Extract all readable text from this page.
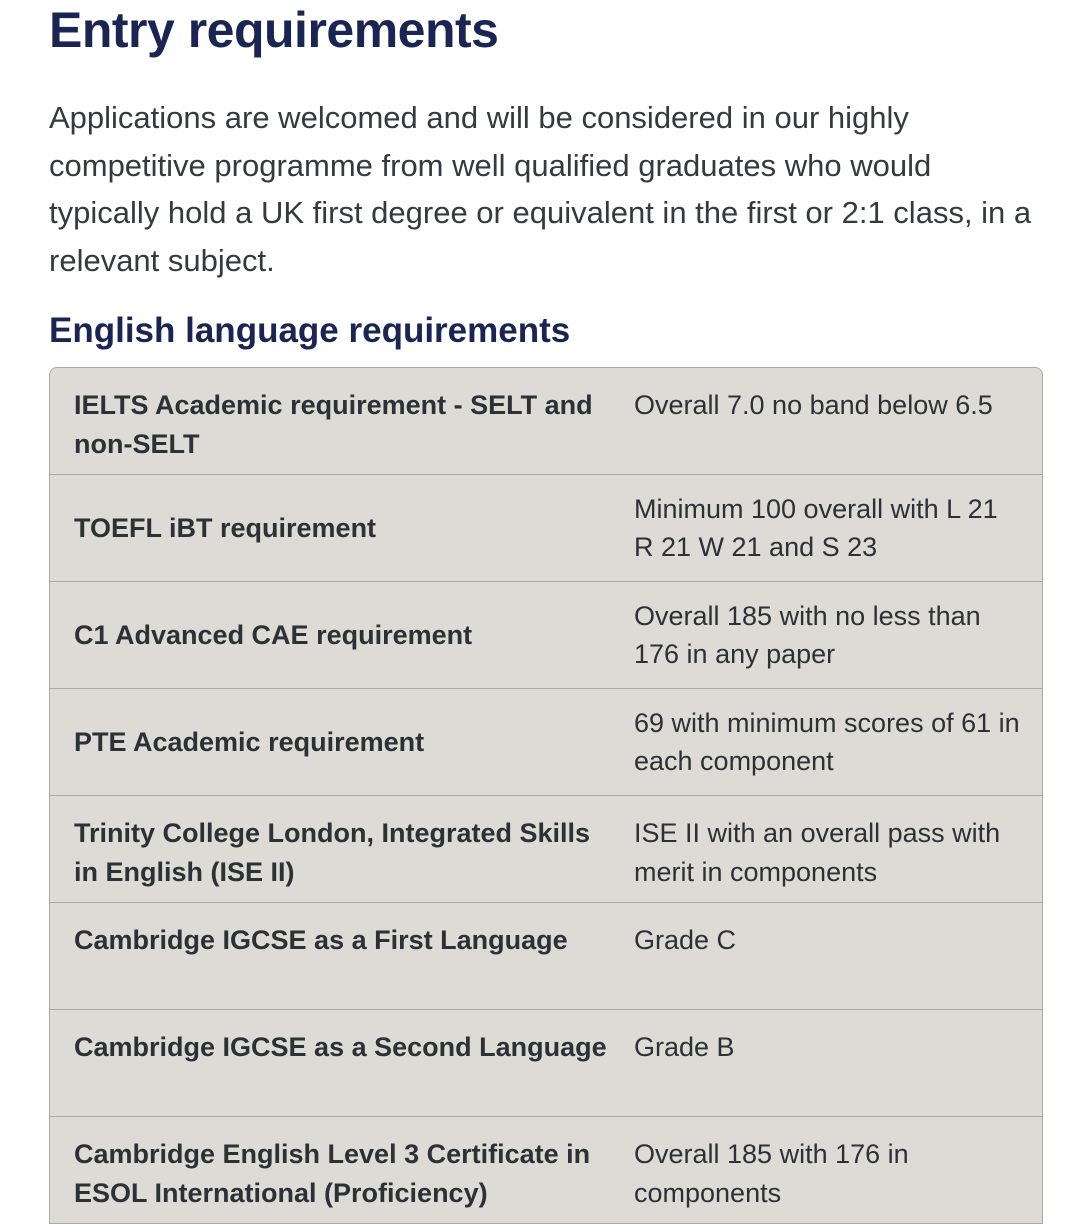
Entry requirements

Applications are welcomed and will be considered in our highly competitive programme from well qualified graduates who would typically hold a UK first degree or equivalent in the first or 2:1 class, in a relevant subject.

English language requirements
IELTS Academic requirement - SELT and non-SELT
Overall 7.0 no band below 6.5
TOEFL iBT requirement
Minimum 100 overall with L 21 R 21 W 21 and S 23
C1 Advanced CAE requirement
Overall 185 with no less than 176 in any paper
PTE Academic requirement
69 with minimum scores of 61 in each component
Trinity College London, Integrated Skills in English (ISE II)
ISE II with an overall pass with merit in components
Cambridge IGCSE as a First Language	Grade C
Cambridge IGCSE as a Second Language	Grade B
Cambridge English Level 3 Certificate in ESOL International (Proficiency)
Overall 185 with 176 in components
